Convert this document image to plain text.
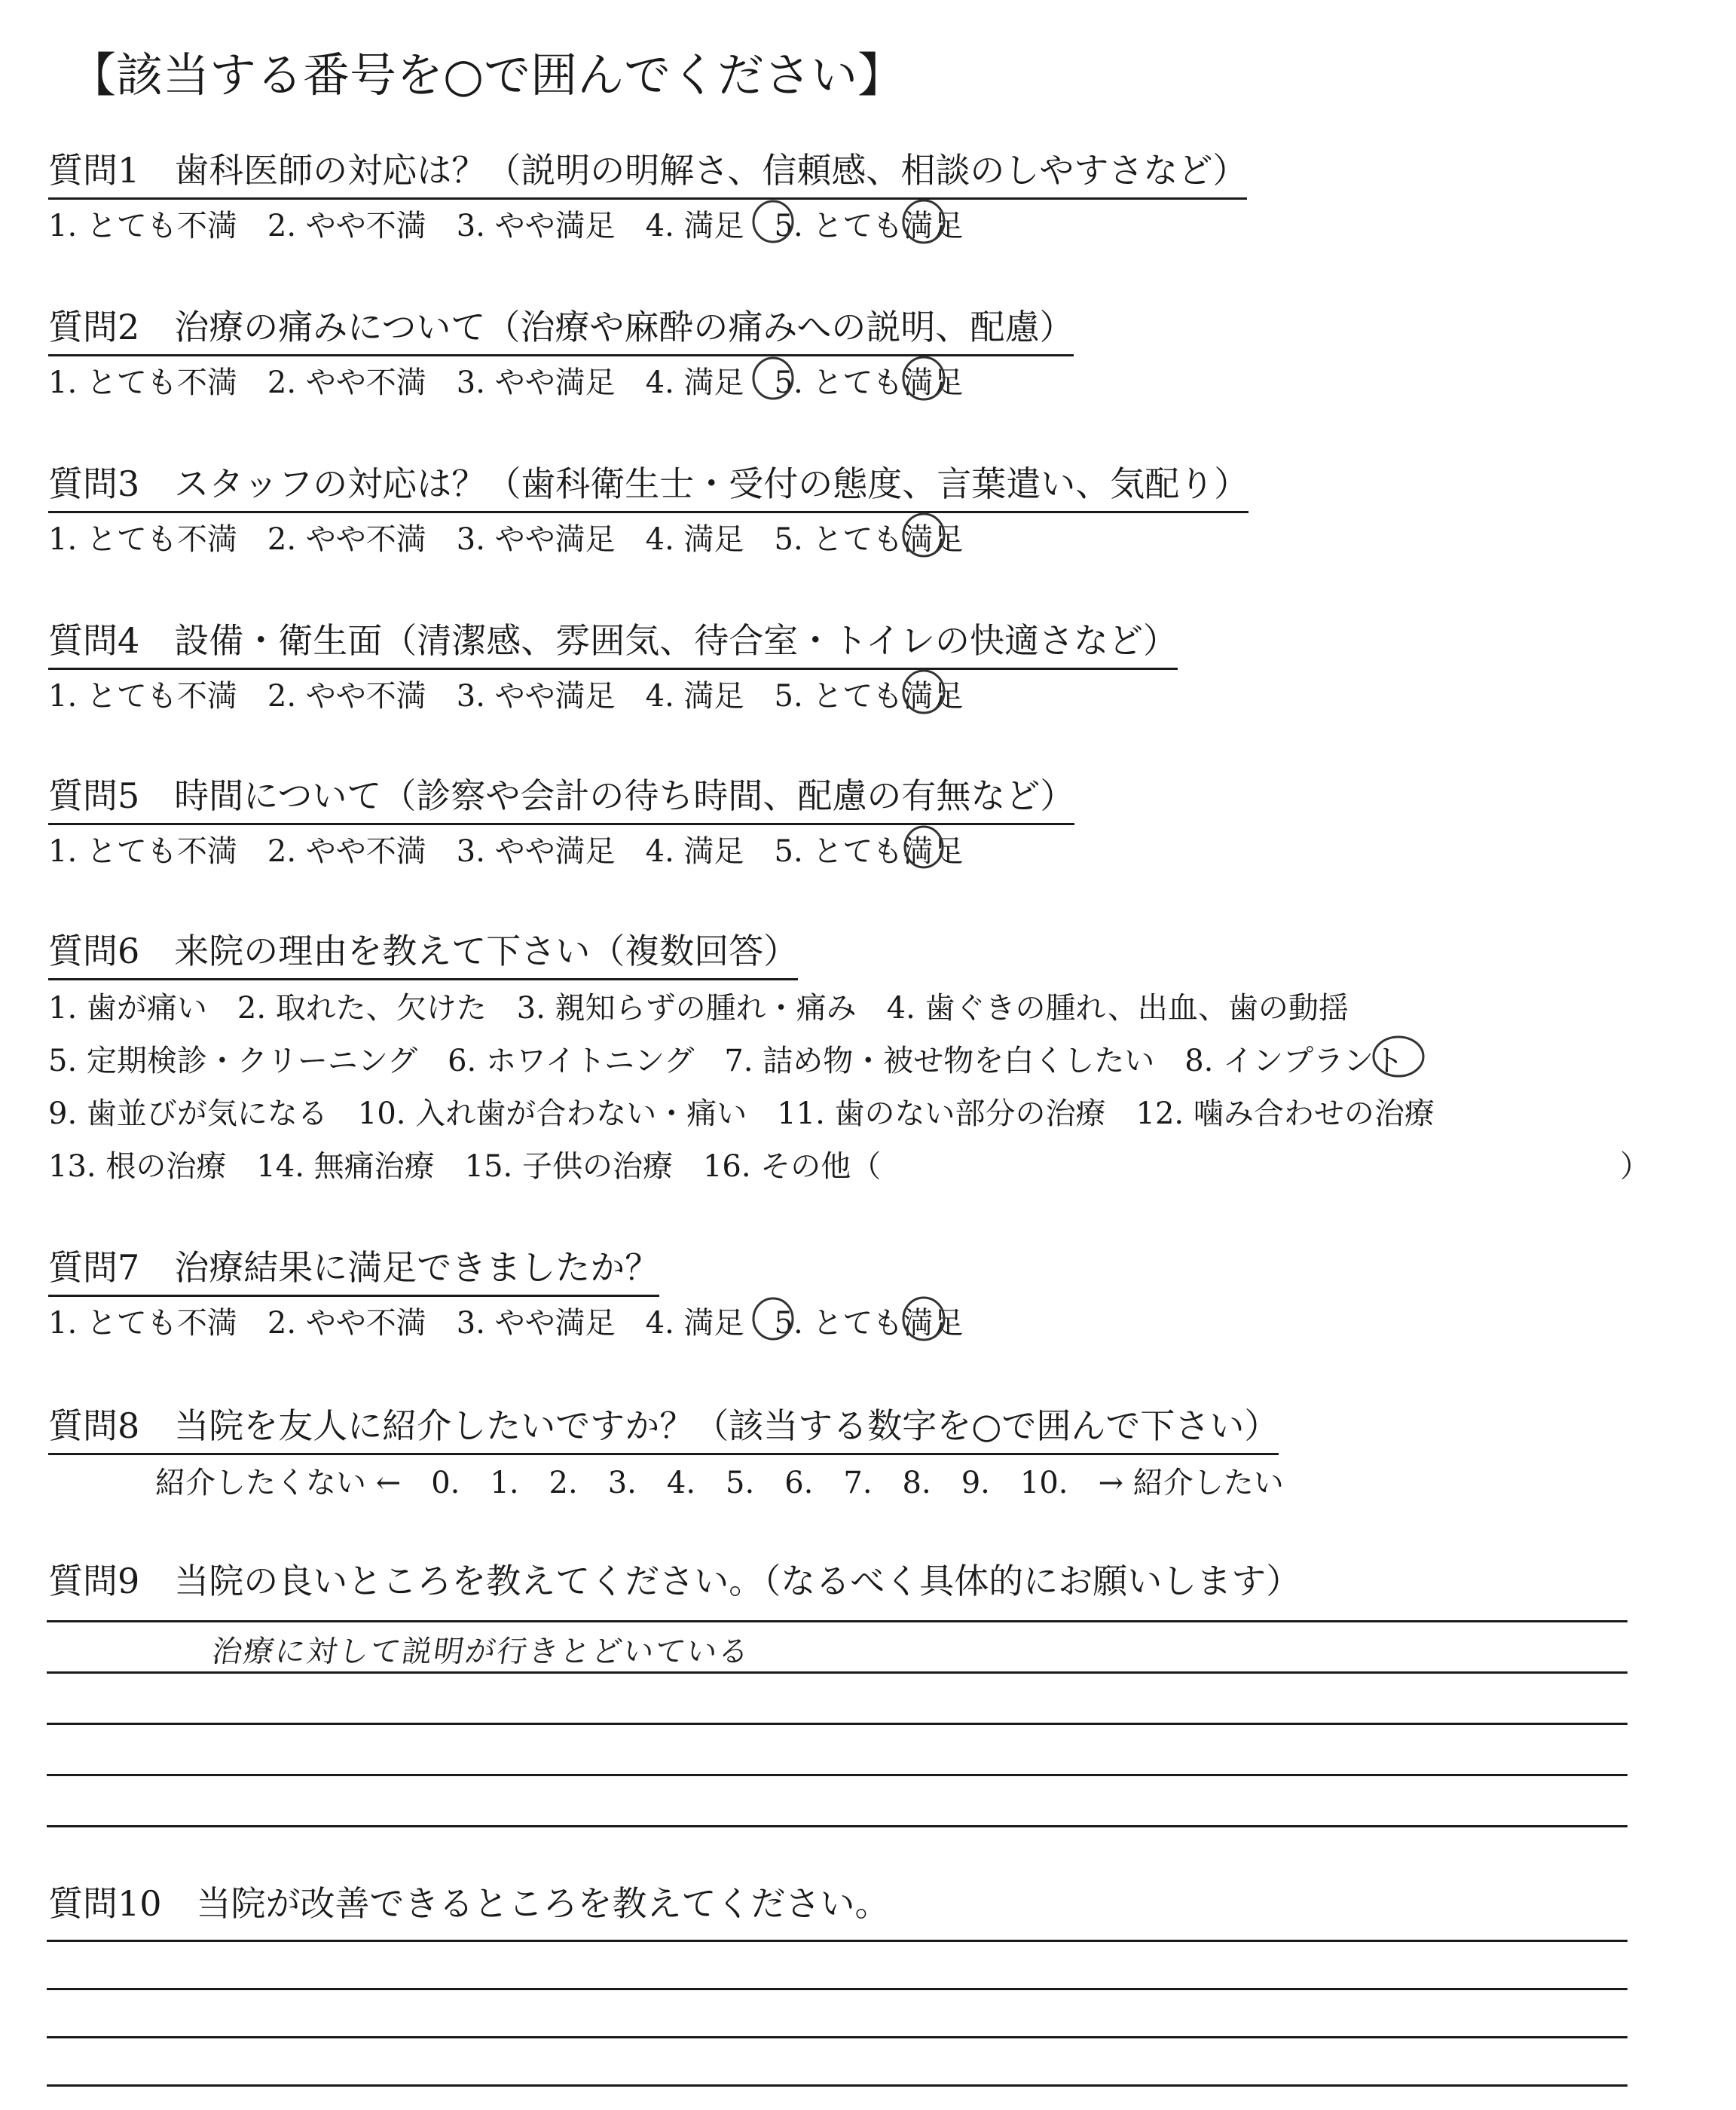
【該当する番号を○で囲んでください】
質問1　歯科医師の対応は？（説明の明解さ、信頼感、相談のしやすさなど）
1. とても不満　2. やや不満　3. やや満足　4. 満足　5. とても満足
質問2　治療の痛みについて（治療や麻酔の痛みへの説明、配慮）
1. とても不満　2. やや不満　3. やや満足　4. 満足　5. とても満足
質問3　スタッフの対応は？（歯科衛生士・受付の態度、言葉遣い、気配り）
1. とても不満　2. やや不満　3. やや満足　4. 満足　5. とても満足
質問4　設備・衛生面（清潔感、雰囲気、待合室・トイレの快適さなど）
1. とても不満　2. やや不満　3. やや満足　4. 満足　5. とても満足
質問5　時間について（診察や会計の待ち時間、配慮の有無など）
1. とても不満　2. やや不満　3. やや満足　4. 満足　5. とても満足
質問6　来院の理由を教えて下さい（複数回答）
1. 歯が痛い　2. 取れた、欠けた　3. 親知らずの腫れ・痛み　4. 歯ぐきの腫れ、出血、歯の動揺
5. 定期検診・クリーニング　6. ホワイトニング　7. 詰め物・被せ物を白くしたい　8. インプラント
9. 歯並びが気になる　10. 入れ歯が合わない・痛い　11. 歯のない部分の治療　12. 噛み合わせの治療
13. 根の治療　14. 無痛治療　15. 子供の治療　16. その他（	）
質問7　治療結果に満足できましたか？
1. とても不満　2. やや不満　3. やや満足　4. 満足　5. とても満足
質問8　当院を友人に紹介したいですか？（該当する数字を○で囲んで下さい）
紹介したくない ←　0.　1.　2.　3.　4.　5.　6.　7.　8.　9.　10.　→ 紹介したい
質問9　当院の良いところを教えてください。（なるべく具体的にお願いします）
治療に対して説明が行きとどいている
質問10　当院が改善できるところを教えてください。
